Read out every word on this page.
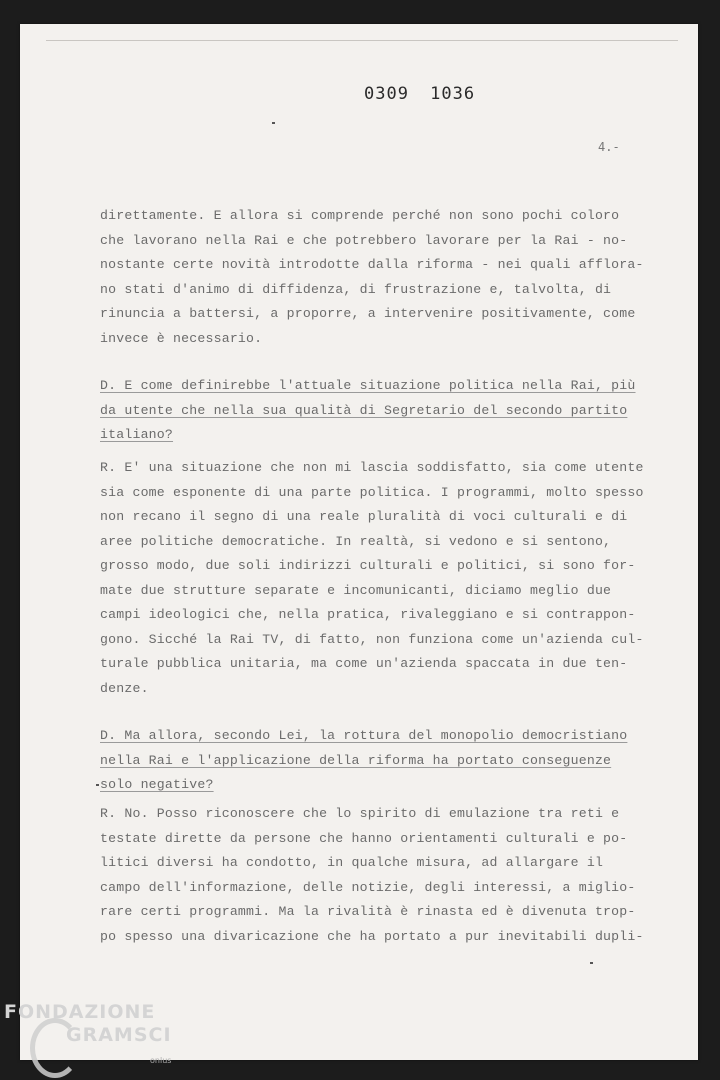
0309 1036
4.-
direttamente. E allora si comprende perché non sono pochi coloro
che lavorano nella Rai e che potrebbero lavorare per la Rai - no-
nostante certe novità introdotte dalla riforma - nei quali afflora-
no stati d'animo di diffidenza, di frustrazione e, talvolta, di
rinuncia a battersi, a proporre, a intervenire positivamente, come
invece è necessario.
D. E come definirebbe l'attuale situazione politica nella Rai, più
da utente che nella sua qualità di Segretario del secondo partito
italiano?
R. E' una situazione che non mi lascia soddisfatto, sia come utente
sia come esponente di una parte politica. I programmi, molto spesso
non recano il segno di una reale pluralità di voci culturali e di
aree politiche democratiche. In realtà, si vedono e si sentono,
grosso modo, due soli indirizzi culturali e politici, si sono for-
mate due strutture separate e incomunicanti, diciamo meglio due
campi ideologici che, nella pratica, rivaleggiano e si contrappon-
gono. Sicché la Rai TV, di fatto, non funziona come un'azienda cul-
turale pubblica unitaria, ma come un'azienda spaccata in due ten-
denze.
D. Ma allora, secondo Lei, la rottura del monopolio democristiano
nella Rai e l'applicazione della riforma ha portato conseguenze
solo negative?
R. No. Posso riconoscere che lo spirito di emulazione tra reti e
testate dirette da persone che hanno orientamenti culturali e po-
litici diversi ha condotto, in qualche misura, ad allargare il
campo dell'informazione, delle notizie, degli interessi, a miglio-
rare certi programmi. Ma la rivalità è rinasta ed è divenuta trop-
po spesso una divaricazione che ha portato a pur inevitabili dupli-
FONDAZIONE
GRAMSCI
onlus
